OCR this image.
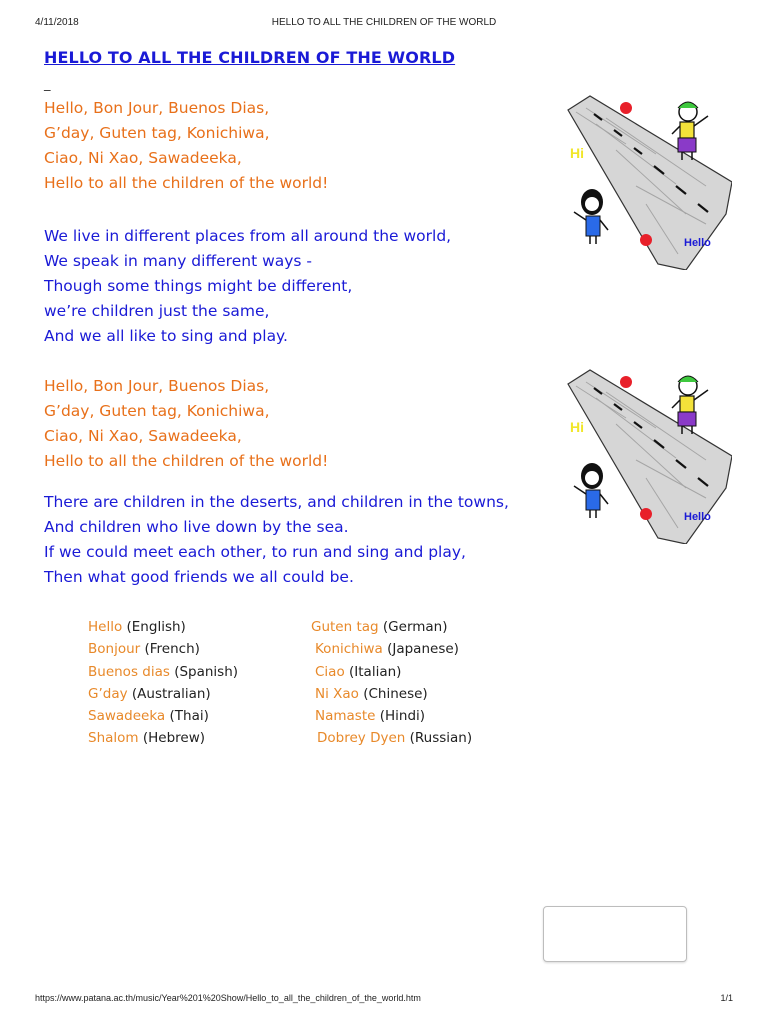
4/11/2018	HELLO TO ALL THE CHILDREN OF THE WORLD
HELLO TO ALL THE CHILDREN OF THE WORLD
_
Hello, Bon Jour, Buenos Dias,
G’day, Guten tag, Konichiwa,
Ciao, Ni Xao, Sawadeeka,
Hello to all the children of the world!
We live in different places from all around the world,
We speak in many different ways -
Though some things might be different,
we’re children just the same,
And we all like to sing and play.
Hello, Bon Jour, Buenos Dias,
G’day, Guten tag, Konichiwa,
Ciao, Ni Xao, Sawadeeka,
Hello to all the children of the world!
There are children in the deserts, and children in the towns,
And children who live down by the sea.
If we could meet each other, to run and sing and play,
Then what good friends we all could be.
Hello (English)
Bonjour (French)
Buenos dias (Spanish)
G’day (Australian)
Sawadeeka (Thai)
Shalom (Hebrew)
Guten tag (German)
Konichiwa (Japanese)
Ciao (Italian)
Ni Xao (Chinese)
Namaste (Hindi)
Dobrey Dyen (Russian)
Hi
Hello
Hi
Hello
https://www.patana.ac.th/music/Year%201%20Show/Hello_to_all_the_children_of_the_world.htm	1/1
